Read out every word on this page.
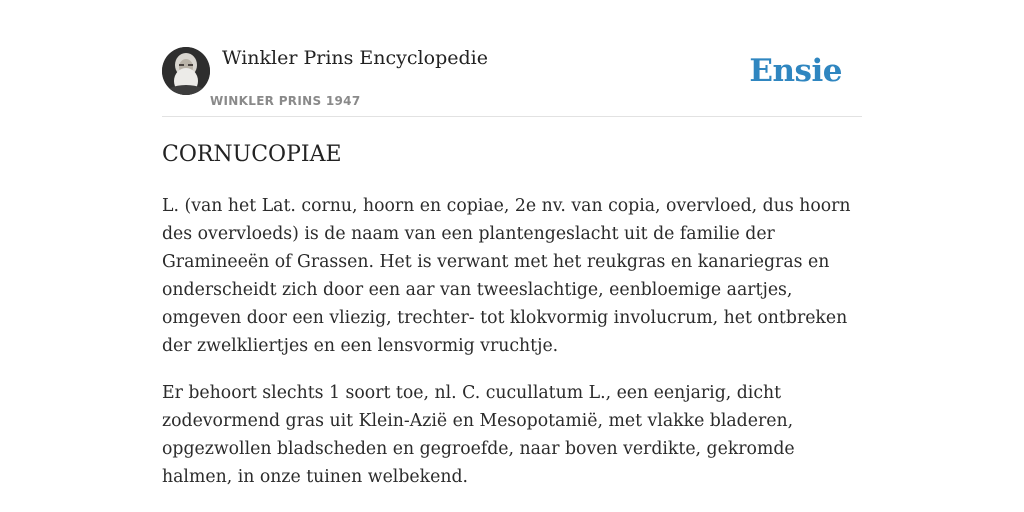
Winkler Prins Encyclopedie
WINKLER PRINS 1947
Ensie
CORNUCOPIAE

L. (van het Lat. cornu, hoorn en copiae, 2e nv. van copia, overvloed, dus hoorn des overvloeds) is de naam van een plantengeslacht uit de familie der Gramineeën of Grassen. Het is verwant met het reukgras en kanariegras en onderscheidt zich door een aar van tweeslachtige, eenbloemige aartjes, omgeven door een vliezig, trechter- tot klokvormig involucrum, het ontbreken der zwelkliertjes en een lensvormig vruchtje.

Er behoort slechts 1 soort toe, nl. C. cucullatum L., een eenjarig, dicht zodevormend gras uit Klein-Azië en Mesopotamië, met vlakke bladeren, opgezwollen bladscheden en gegroefde, naar boven verdikte, gekromde halmen, in onze tuinen welbekend.
